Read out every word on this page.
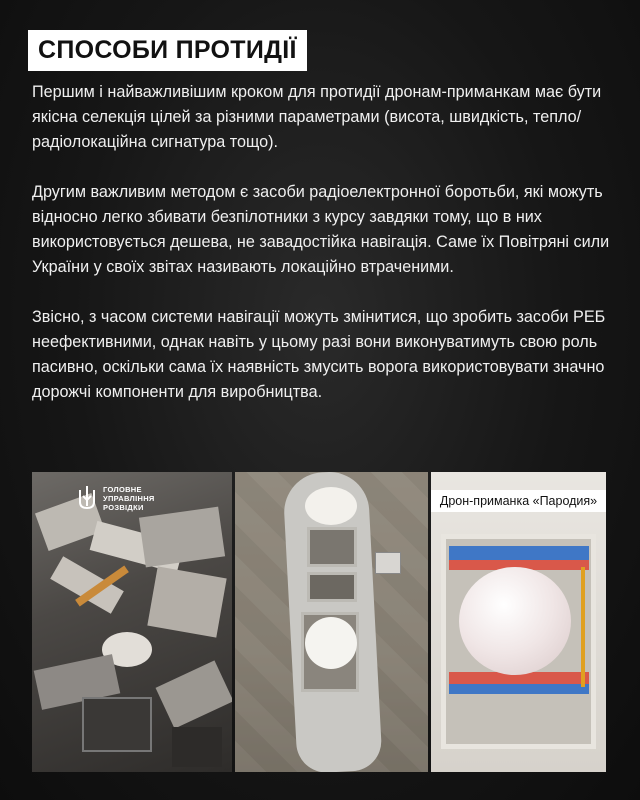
СПОСОБИ ПРОТИДІЇ

Першим і найважливішим кроком для протидії дронам-приманкам має бути якісна селекція цілей за різними параметрами (висота, швидкість, тепло/радіолокаційна сигнатура тощо).

Другим важливим методом є засоби радіоелектронної боротьби, які можуть відносно легко збивати безпілотники з курсу завдяки тому, що в них використовується дешева, не завадостійка навігація. Саме їх Повітряні сили України у своїх звітах називають локаційно втраченими.

Звісно, з часом системи навігації можуть змінитися, що зробить засоби РЕБ неефективними, однак навіть у цьому разі вони виконуватимуть свою роль пасивно, оскільки сама їх наявність змусить ворога використовувати значно дорожчі компоненти для виробництва.

ГОЛОВНЕ
УПРАВЛІННЯ
РОЗВІДКИ	Дрон-приманка «Пародия»
